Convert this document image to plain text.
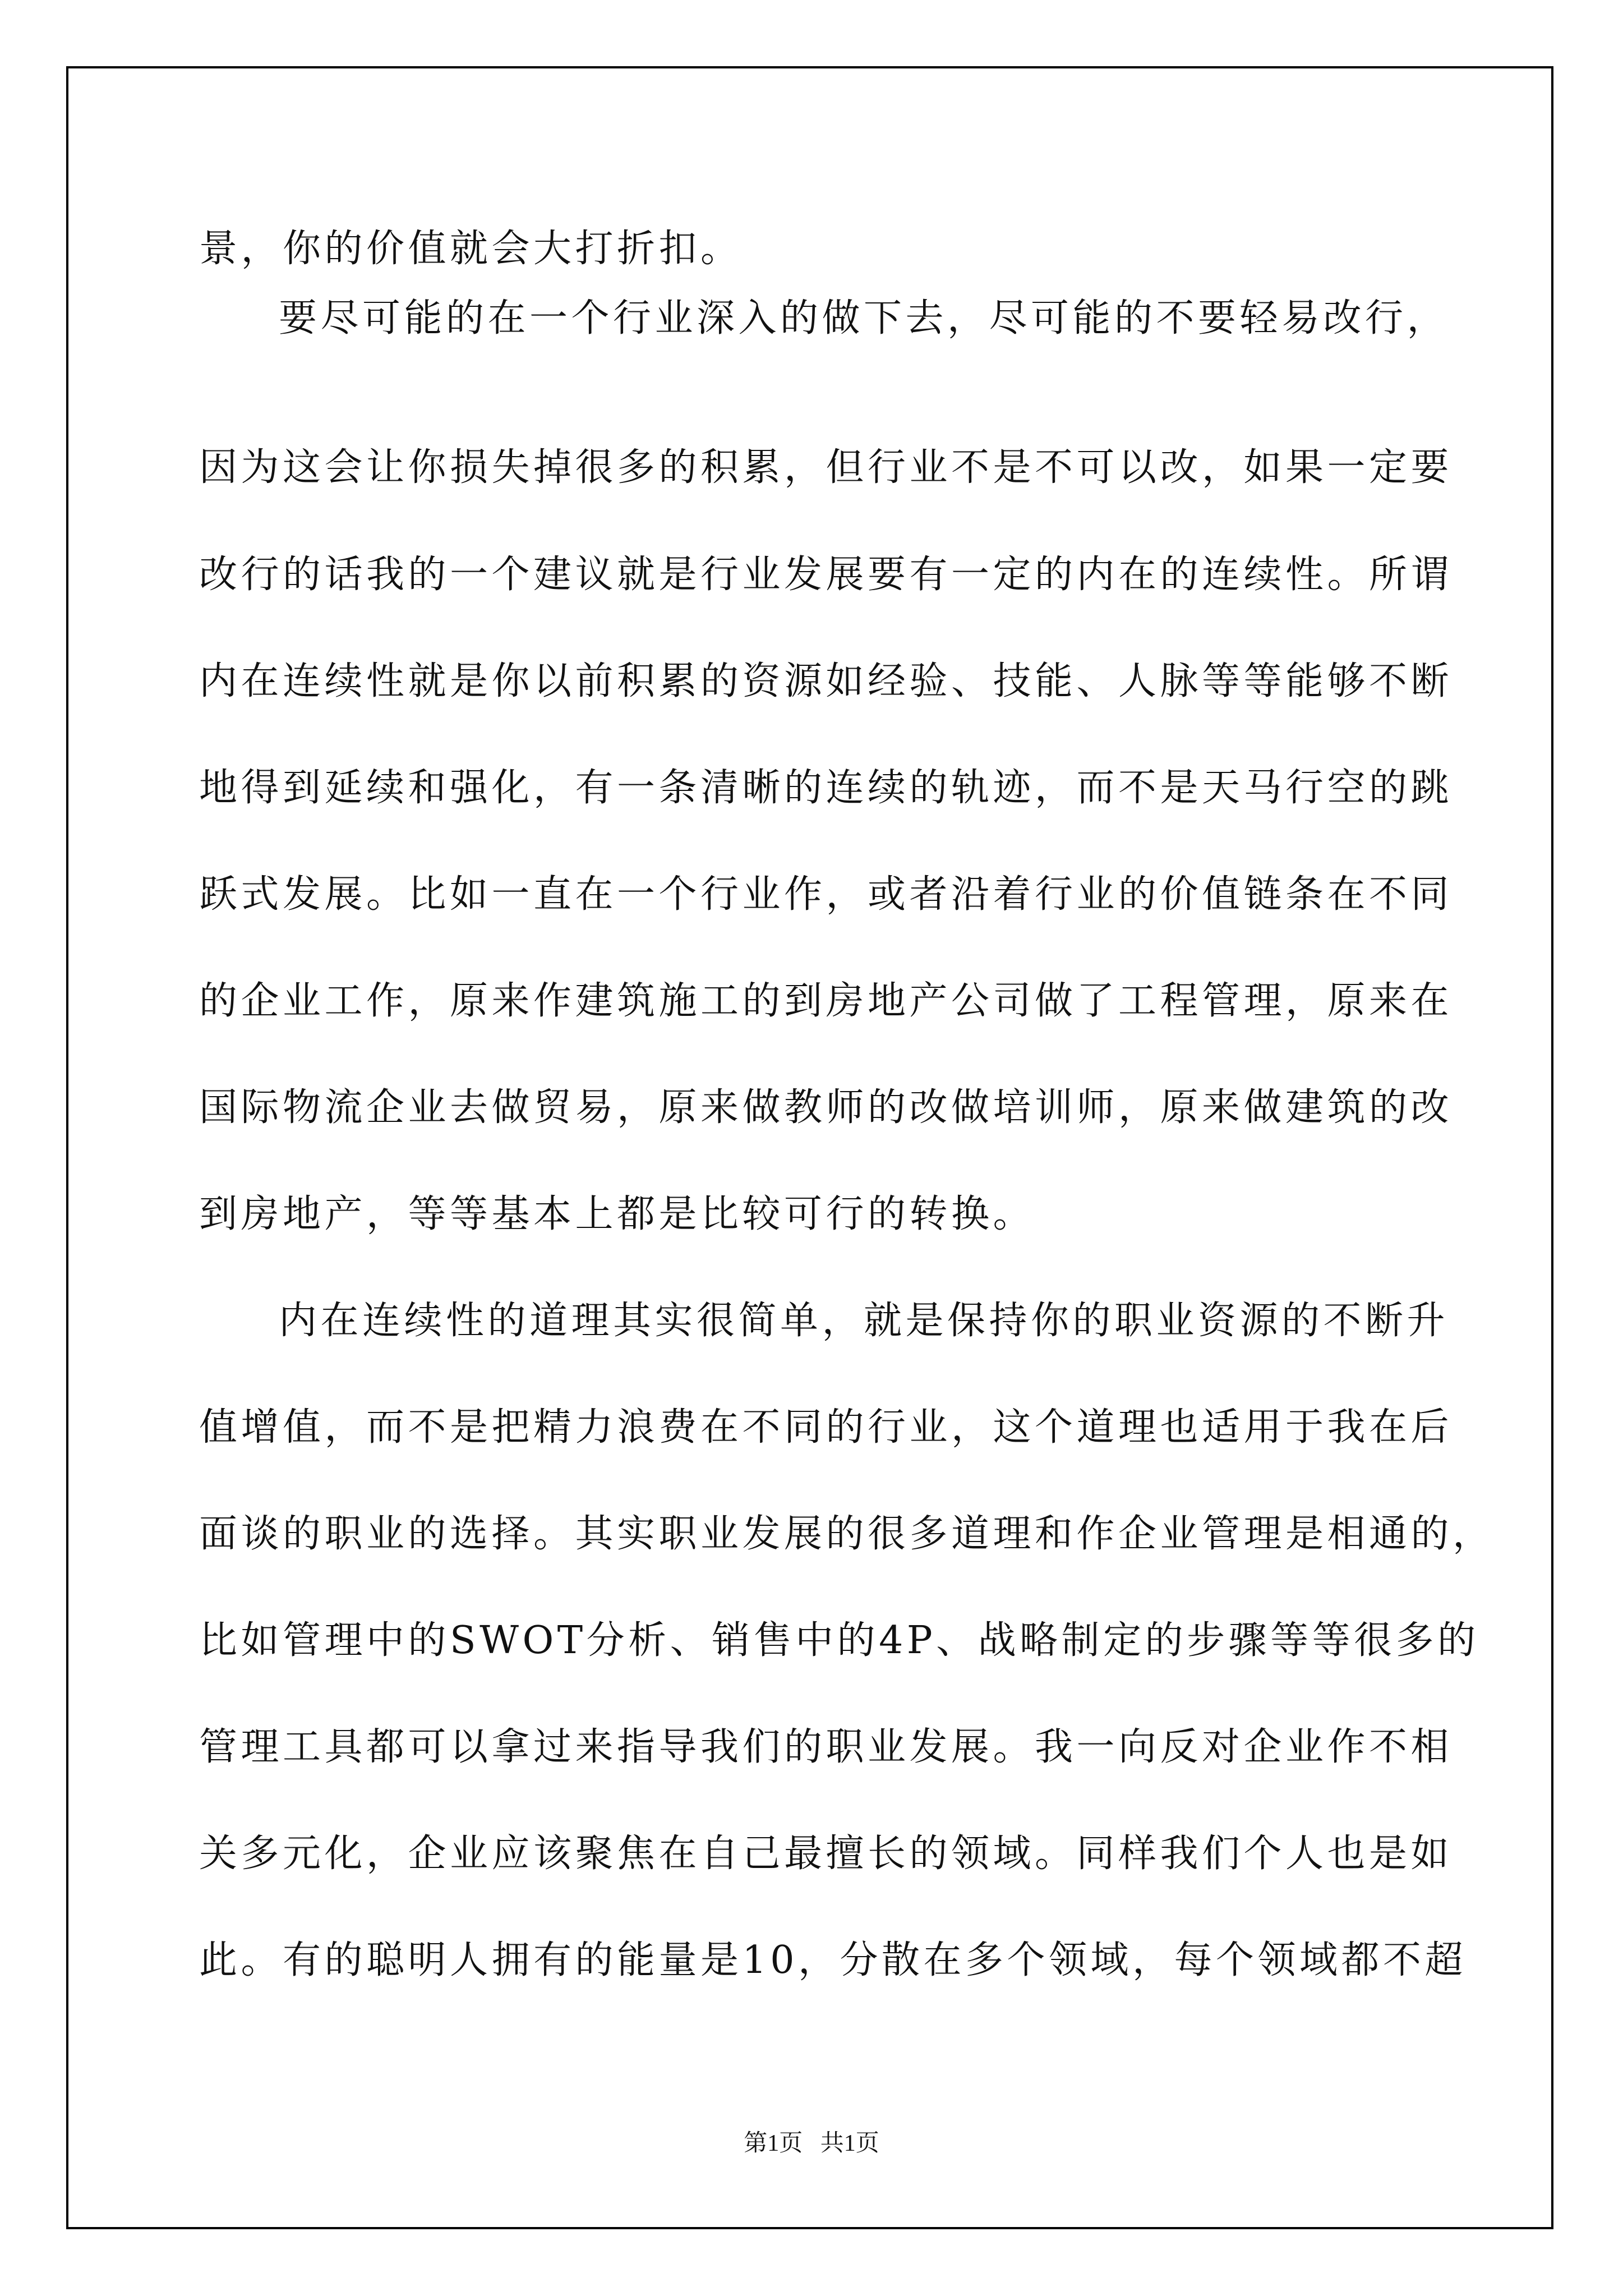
景，你的价值就会大打折扣。
要尽可能的在一个行业深入的做下去，尽可能的不要轻易改行，
因为这会让你损失掉很多的积累，但行业不是不可以改，如果一定要
改行的话我的一个建议就是行业发展要有一定的内在的连续性。所谓
内在连续性就是你以前积累的资源如经验、技能、人脉等等能够不断
地得到延续和强化，有一条清晰的连续的轨迹，而不是天马行空的跳
跃式发展。比如一直在一个行业作，或者沿着行业的价值链条在不同
的企业工作，原来作建筑施工的到房地产公司做了工程管理，原来在
国际物流企业去做贸易，原来做教师的改做培训师，原来做建筑的改
到房地产，等等基本上都是比较可行的转换。
内在连续性的道理其实很简单，就是保持你的职业资源的不断升
值增值，而不是把精力浪费在不同的行业，这个道理也适用于我在后
面谈的职业的选择。其实职业发展的很多道理和作企业管理是相通的，
比如管理中的SWOT分析、销售中的4P、战略制定的步骤等等很多的
管理工具都可以拿过来指导我们的职业发展。我一向反对企业作不相
关多元化，企业应该聚焦在自己最擅长的领域。同样我们个人也是如
此。有的聪明人拥有的能量是10，分散在多个领域，每个领域都不超
第1页 共1页
